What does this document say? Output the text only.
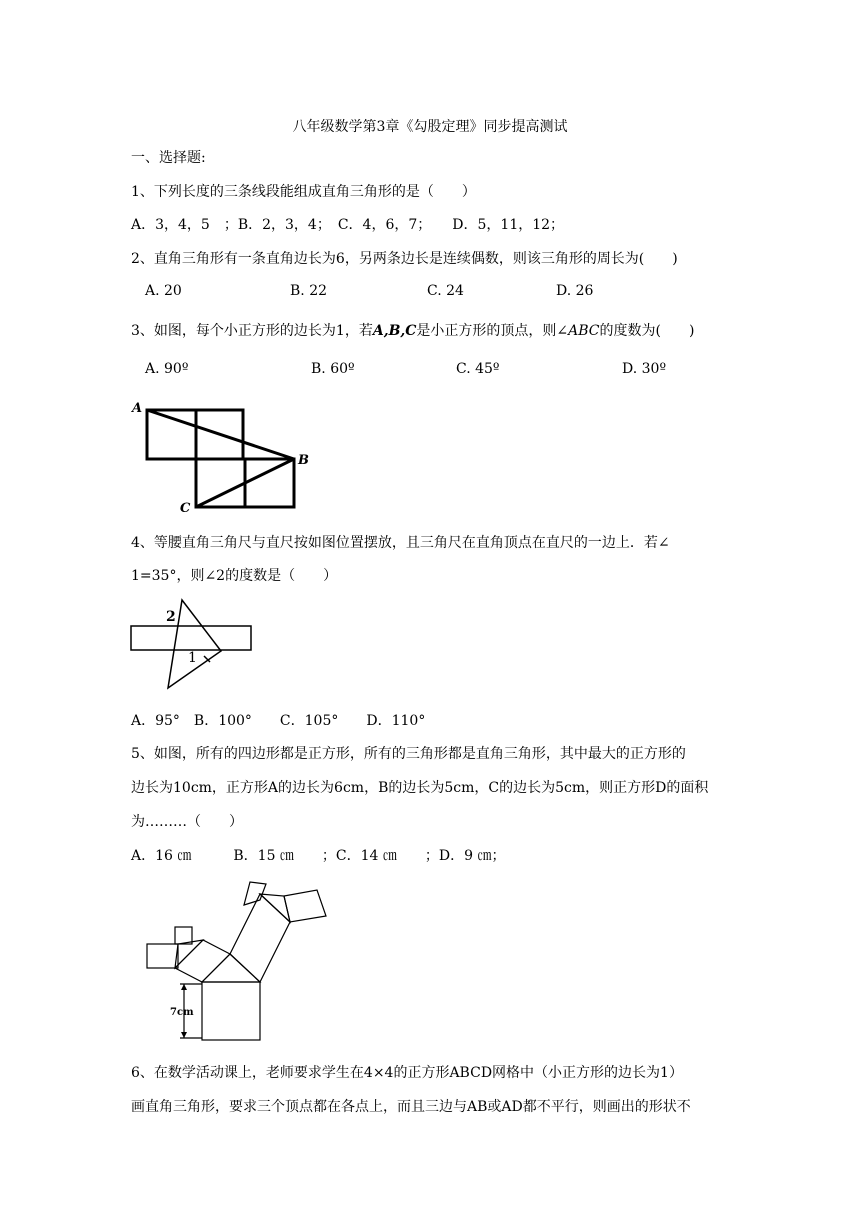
八年级数学第3章《勾股定理》同步提高测试
一、选择题:
1、下列长度的三条线段能组成直角三角形的是（　　）
A．3，4，5　；B．2，3，4；　C．4，6，7；　　D．5，11，12；
2、直角三角形有一条直角边长为6，另两条边长是连续偶数，则该三角形的周长为(　　)
A. 20	B. 22	C. 24	D. 26
3、如图，每个小正方形的边长为1，若A,B,C是小正方形的顶点，则∠ABC的度数为(　　)
A. 90º	B. 60º	C. 45º	D. 30º
A
B
C
4、等腰直角三角尺与直尺按如图位置摆放，且三角尺在直角顶点在直尺的一边上．若∠
1=35°，则∠2的度数是（　　）
2
1
A．95°　B．100°　　C．105°　　D．110°
5、如图，所有的四边形都是正方形，所有的三角形都是直角三角形，其中最大的正方形的
边长为10cm，正方形A的边长为6cm，B的边长为5cm，C的边长为5cm，则正方形D的面积
为………（　　）
A．16 ㎝　　　B．15 ㎝　　；C．14 ㎝　　；D．9 ㎝；
7cm
6、在数学活动课上，老师要求学生在4×4的正方形ABCD网格中（小正方形的边长为1）
画直角三角形，要求三个顶点都在各点上，而且三边与AB或AD都不平行，则画出的形状不
